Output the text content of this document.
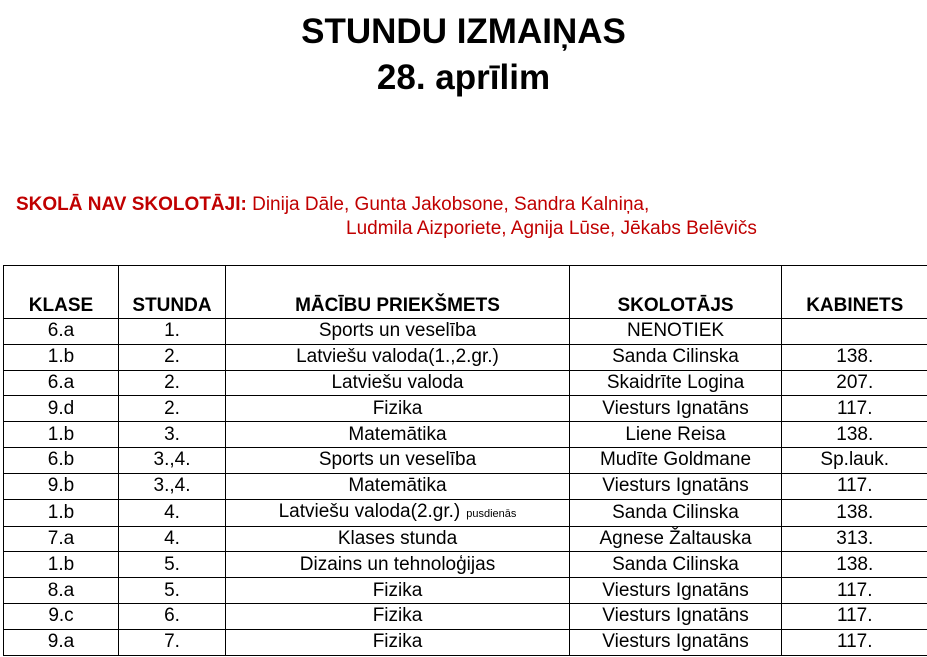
STUNDU IZMAIŅAS
28. aprīlim
SKOLĀ NAV SKOLOTĀJI: Dinija Dāle, Gunta Jakobsone, Sandra Kalniņa,
Ludmila Aizporiete, Agnija Lūse, Jēkabs Belēvičs
KLASE	STUNDA	MĀCĪBU PRIEKŠMETS	SKOLOTĀJS	KABINETS
6.a	1.	Sports un veselība	NENOTIEK	
1.b	2.	Latviešu valoda(1.,2.gr.)	Sanda Cilinska	138.
6.a	2.	Latviešu valoda	Skaidrīte Logina	207.
9.d	2.	Fizika	Viesturs Ignatāns	117.
1.b	3.	Matemātika	Liene Reisa	138.
6.b	3.,4.	Sports un veselība	Mudīte Goldmane	Sp.lauk.
9.b	3.,4.	Matemātika	Viesturs Ignatāns	117.
1.b	4.	Latviešu valoda(2.gr.) pusdienās	Sanda Cilinska	138.
7.a	4.	Klases stunda	Agnese Žaltauska	313.
1.b	5.	Dizains un tehnoloģijas	Sanda Cilinska	138.
8.a	5.	Fizika	Viesturs Ignatāns	117.
9.c	6.	Fizika	Viesturs Ignatāns	117.
9.a	7.	Fizika	Viesturs Ignatāns	117.
